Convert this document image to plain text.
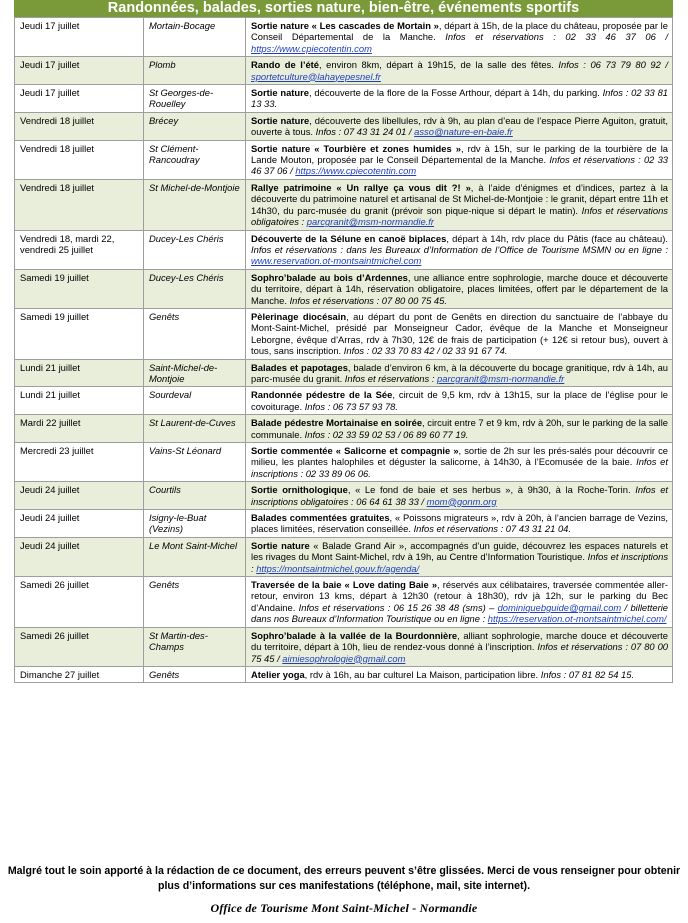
Randonnées, balades, sorties nature, bien-être, événements sportifs
Jeudi 17 juillet	Mortain-Bocage	Sortie nature « Les cascades de Mortain », départ à 15h, de la place du château, proposée par le Conseil Départemental de la Manche. Infos et réservations : 02 33 46 37 06 / https://www.cpiecotentin.com
Jeudi 17 juillet	Plomb	Rando de l’été, environ 8km, départ à 19h15, de la salle des fêtes. Infos : 06 73 79 80 92 / sportetculture@lahayepesnel.fr
Jeudi 17 juillet	St Georges-de-Rouelley	Sortie nature, découverte de la flore de la Fosse Arthour, départ à 14h, du parking. Infos : 02 33 81 13 33.
Vendredi 18 juillet	Brécey	Sortie nature, découverte des libellules, rdv à 9h, au plan d’eau de l’espace Pierre Aguiton, gratuit, ouverte à tous. Infos : 07 43 31 24 01 / asso@nature-en-baie.fr
Vendredi 18 juillet	St Clément-Rancoudray	Sortie nature « Tourbière et zones humides », rdv à 15h, sur le parking de la tourbière de la Lande Mouton, proposée par le Conseil Départemental de la Manche. Infos et réservations : 02 33 46 37 06 / https://www.cpiecotentin.com
Vendredi 18 juillet	St Michel-de-Montjoie	Rallye patrimoine « Un rallye ça vous dit ?! », à l’aide d’énigmes et d’indices, partez à la découverte du patrimoine naturel et artisanal de St Michel-de-Montjoie : le granit, départ entre 11h et 14h30, du parc-musée du granit (prévoir son pique-nique si départ le matin). Infos et réservations obligatoires : parcgranit@msm-normandie.fr
Vendredi 18, mardi 22, vendredi 25 juillet	Ducey-Les Chéris	Découverte de la Sélune en canoë biplaces, départ à 14h, rdv place du Pâtis (face au château). Infos et réservations : dans les Bureaux d’Information de l’Office de Tourisme MSMN ou en ligne : www.reservation.ot-montsaintmichel.com
Samedi 19 juillet	Ducey-Les Chéris	Sophro’balade au bois d’Ardennes, une alliance entre sophrologie, marche douce et découverte du territoire, départ à 14h, réservation obligatoire, places limitées, offert par le département de la Manche. Infos et réservations : 07 80 00 75 45.
Samedi 19 juillet	Genêts	Pèlerinage diocésain, au départ du pont de Genêts en direction du sanctuaire de l’abbaye du Mont-Saint-Michel, présidé par Monseigneur Cador, évêque de la Manche et Monseigneur Leborgne, évêque d’Arras, rdv à 7h30, 12€ de frais de participation (+ 12€ si retour bus), ouvert à tous, sans inscription. Infos : 02 33 70 83 42 / 02 33 91 67 74.
Lundi 21 juillet	Saint-Michel-de-Montjoie	Balades et papotages, balade d’environ 6 km, à la découverte du bocage granitique, rdv à 14h, au parc-musée du granit. Infos et réservations : parcgranit@msm-normandie.fr
Lundi 21 juillet	Sourdeval	Randonnée pédestre de la Sée, circuit de 9,5 km, rdv à 13h15, sur la place de l’église pour le covoiturage. Infos : 06 73 57 93 78.
Mardi 22 juillet	St Laurent-de-Cuves	Balade pédestre Mortainaise en soirée, circuit entre 7 et 9 km, rdv à 20h, sur le parking de la salle communale. Infos : 02 33 59 02 53 / 06 89 60 77 19.
Mercredi 23 juillet	Vains-St Léonard	Sortie commentée « Salicorne et compagnie », sortie de 2h sur les prés-salés pour découvrir ce milieu, les plantes halophiles et déguster la salicorne, à 14h30, à l’Ecomusée de la baie. Infos et inscriptions : 02 33 89 06 06.
Jeudi 24 juillet	Courtils	Sortie ornithologique, « Le fond de baie et ses herbus », à 9h30, à la Roche-Torin. Infos et inscriptions obligatoires : 06 64 61 38 33 / mom@gonm.org
Jeudi 24 juillet	Isigny-le-Buat (Vezins)	Balades commentées gratuites, « Poissons migrateurs », rdv à 20h, à l’ancien barrage de Vezins, places limitées, réservation conseillée. Infos et réservations : 07 43 31 21 04.
Jeudi 24 juillet	Le Mont Saint-Michel	Sortie nature « Balade Grand Air », accompagnés d’un guide, découvrez les espaces naturels et les rivages du Mont Saint-Michel, rdv à 19h, au Centre d’Information Touristique. Infos et inscriptions : https://montsaintmichel.gouv.fr/agenda/
Samedi 26 juillet	Genêts	Traversée de la baie « Love dating Baie », réservés aux célibataires, traversée commentée aller-retour, environ 13 kms, départ à 12h30 (retour à 18h30), rdv jà 12h, sur le parking du Bec d’Andaine. Infos et réservations : 06 15 26 38 48 (sms) – dominiquebguide@gmail.com / billetterie dans nos Bureaux d’Information Touristique ou en ligne : https://reservation.ot-montsaintmichel.com/
Samedi 26 juillet	St Martin-des-Champs	Sophro’balade à la vallée de la Bourdonnière, alliant sophrologie, marche douce et découverte du territoire, départ à 10h, lieu de rendez-vous donné à l’inscription. Infos et réservations : 07 80 00 75 45 / aimiesophrologie@gmail.com
Dimanche 27 juillet	Genêts	Atelier yoga, rdv à 16h, au bar culturel La Maison, participation libre. Infos : 07 81 82 54 15.
Malgré tout le soin apporté à la rédaction de ce document, des erreurs peuvent s’être glissées. Merci de vous renseigner pour obtenir plus d’informations sur ces manifestations (téléphone, mail, site internet).
Office de Tourisme Mont Saint-Michel - Normandie
